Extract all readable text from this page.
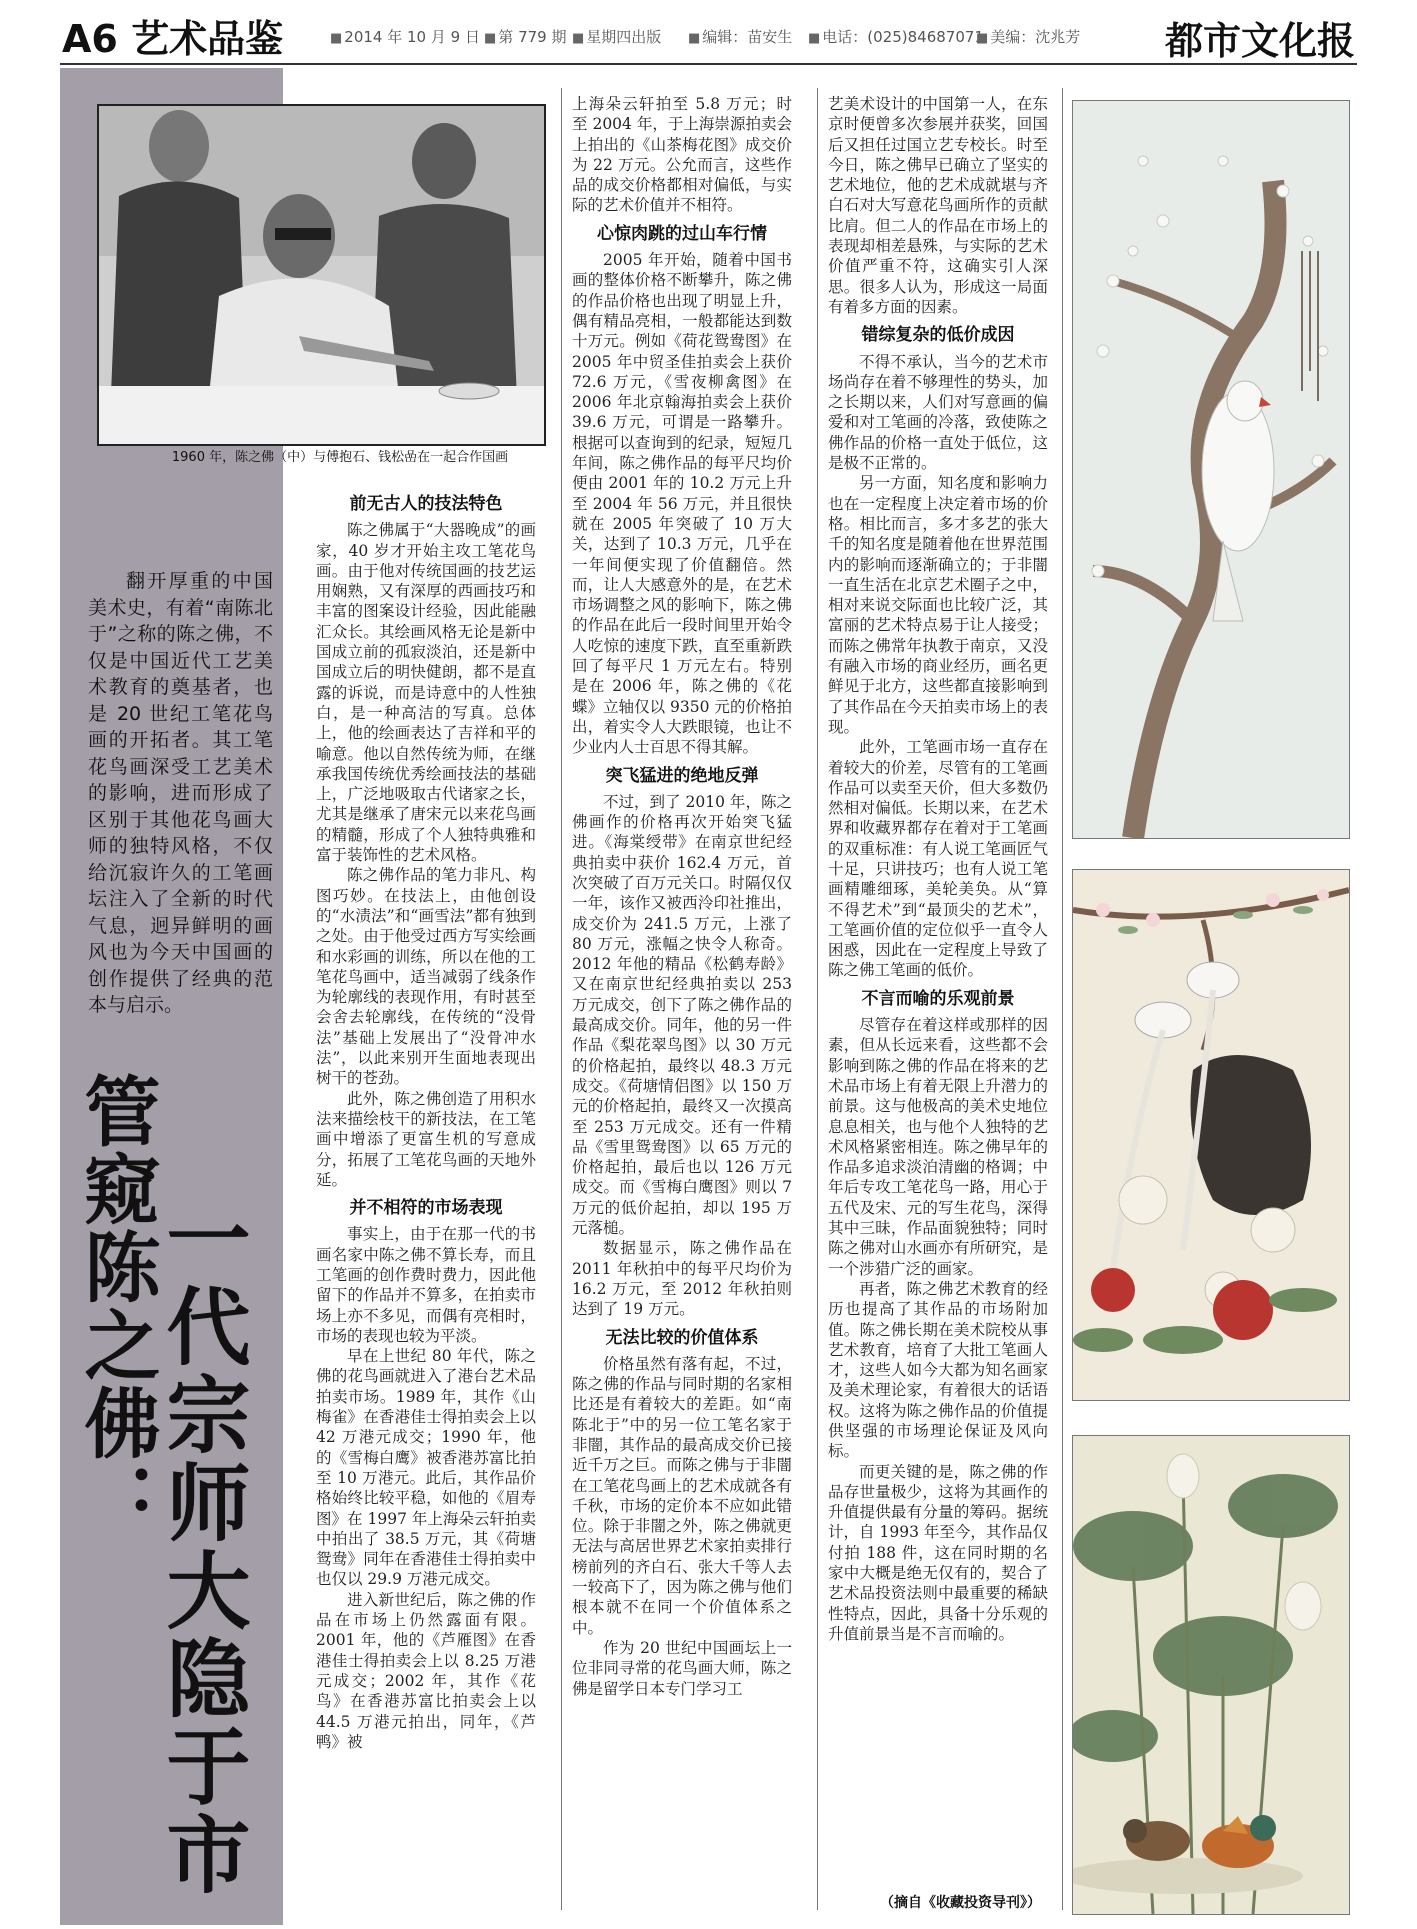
A6 艺术品鉴	■ 2014 年 10 月 9 日	■ 第 779 期	■ 星期四出版	■ 编辑：苗安生	■ 电话：(025)84687071 ■ 美编：沈兆芳 都市文化报
1960 年，陈之佛（中）与傅抱石、钱松嵒在一起合作国画
翻开厚重的中国美术史，有着“南陈北于”之称的陈之佛，不仅是中国近代工艺美术教育的奠基者，也是 20 世纪工笔花鸟画的开拓者。其工笔花鸟画深受工艺美术的影响，进而形成了区别于其他花鸟画大师的独特风格，不仅给沉寂许久的工笔画坛注入了全新的时代气息，迥异鲜明的画风也为今天中国画的创作提供了经典的范本与启示。
管窥陈之佛：
一代宗师大隐于市
前无古人的技法特色

陈之佛属于“大器晚成”的画家，40 岁才开始主攻工笔花鸟画。由于他对传统国画的技艺运用娴熟，又有深厚的西画技巧和丰富的图案设计经验，因此能融汇众长。其绘画风格无论是新中国成立前的孤寂淡泊，还是新中国成立后的明快健朗，都不是直露的诉说，而是诗意中的人性独白，是一种高洁的写真。总体上，他的绘画表达了吉祥和平的喻意。他以自然传统为师，在继承我国传统优秀绘画技法的基础上，广泛地吸取古代诸家之长，尤其是继承了唐宋元以来花鸟画的精髓，形成了个人独特典雅和富于装饰性的艺术风格。

陈之佛作品的笔力非凡、构图巧妙。在技法上，由他创设的“水渍法”和“画雪法”都有独到之处。由于他受过西方写实绘画和水彩画的训练，所以在他的工笔花鸟画中，适当减弱了线条作为轮廓线的表现作用，有时甚至会舍去轮廓线，在传统的“没骨法”基础上发展出了“没骨冲水法”，以此来别开生面地表现出树干的苍劲。

此外，陈之佛创造了用积水法来描绘枝干的新技法，在工笔画中增添了更富生机的写意成分，拓展了工笔花鸟画的天地外延。

并不相符的市场表现

事实上，由于在那一代的书画名家中陈之佛不算长寿，而且工笔画的创作费时费力，因此他留下的作品并不算多，在拍卖市场上亦不多见，而偶有亮相时，市场的表现也较为平淡。

早在上世纪 80 年代，陈之佛的花鸟画就进入了港台艺术品拍卖市场。1989 年，其作《山梅雀》在香港佳士得拍卖会上以 42 万港元成交；1990 年，他的《雪梅白鹰》被香港苏富比拍至 10 万港元。此后，其作品价格始终比较平稳，如他的《眉寿图》在 1997 年上海朵云轩拍卖中拍出了 38.5 万元，其《荷塘鸳鸯》同年在香港佳士得拍卖中也仅以 29.9 万港元成交。

进入新世纪后，陈之佛的作品在市场上仍然露面有限。2001 年，他的《芦雁图》在香港佳士得拍卖会上以 8.25 万港元成交；2002 年，其作《花鸟》在香港苏富比拍卖会上以 44.5 万港元拍出，同年，《芦鸭》被

上海朵云轩拍至 5.8 万元；时至 2004 年，于上海崇源拍卖会上拍出的《山茶梅花图》成交价为 22 万元。公允而言，这些作品的成交价格都相对偏低，与实际的艺术价值并不相符。

心惊肉跳的过山车行情

2005 年开始，随着中国书画的整体价格不断攀升，陈之佛的作品价格也出现了明显上升，偶有精品亮相，一般都能达到数十万元。例如《荷花鸳鸯图》在 2005 年中贸圣佳拍卖会上获价 72.6 万元，《雪夜柳禽图》在 2006 年北京翰海拍卖会上获价 39.6 万元，可谓是一路攀升。根据可以查询到的纪录，短短几年间，陈之佛作品的每平尺均价便由 2001 年的 10.2 万元上升至 2004 年 56 万元，并且很快就在 2005 年突破了 10 万大关，达到了 10.3 万元，几乎在一年间便实现了价值翻倍。然而，让人大感意外的是，在艺术市场调整之风的影响下，陈之佛的作品在此后一段时间里开始令人吃惊的速度下跌，直至重新跌回了每平尺 1 万元左右。特别是在 2006 年，陈之佛的《花蝶》立轴仅以 9350 元的价格拍出，着实令人大跌眼镜，也让不少业内人士百思不得其解。

突飞猛进的绝地反弹

不过，到了 2010 年，陈之佛画作的价格再次开始突飞猛进。《海棠绶带》在南京世纪经典拍卖中获价 162.4 万元，首次突破了百万元关口。时隔仅仅一年，该作又被西泠印社推出，成交价为 241.5 万元，上涨了 80 万元，涨幅之快令人称奇。2012 年他的精品《松鹤寿龄》又在南京世纪经典拍卖以 253 万元成交，创下了陈之佛作品的最高成交价。同年，他的另一件作品《梨花翠鸟图》以 30 万元的价格起拍，最终以 48.3 万元成交。《荷塘情侣图》以 150 万元的价格起拍，最终又一次摸高至 253 万元成交。还有一件精品《雪里鸳鸯图》以 65 万元的价格起拍，最后也以 126 万元成交。而《雪梅白鹰图》则以 7 万元的低价起拍，却以 195 万元落槌。

数据显示，陈之佛作品在 2011 年秋拍中的每平尺均价为 16.2 万元，至 2012 年秋拍则达到了 19 万元。

无法比较的价值体系

价格虽然有落有起，不过，陈之佛的作品与同时期的名家相比还是有着较大的差距。如“南陈北于”中的另一位工笔名家于非闇，其作品的最高成交价已接近千万之巨。而陈之佛与于非闇在工笔花鸟画上的艺术成就各有千秋，市场的定价本不应如此错位。除于非闇之外，陈之佛就更无法与高居世界艺术家拍卖排行榜前列的齐白石、张大千等人去一较高下了，因为陈之佛与他们根本就不在同一个价值体系之中。

作为 20 世纪中国画坛上一位非同寻常的花鸟画大师，陈之佛是留学日本专门学习工

艺美术设计的中国第一人，在东京时便曾多次参展并获奖，回国后又担任过国立艺专校长。时至今日，陈之佛早已确立了坚实的艺术地位，他的艺术成就堪与齐白石对大写意花鸟画所作的贡献比肩。但二人的作品在市场上的表现却相差悬殊，与实际的艺术价值严重不符，这确实引人深思。很多人认为，形成这一局面有着多方面的因素。

错综复杂的低价成因

不得不承认，当今的艺术市场尚存在着不够理性的势头，加之长期以来，人们对写意画的偏爱和对工笔画的冷落，致使陈之佛作品的价格一直处于低位，这是极不正常的。

另一方面，知名度和影响力也在一定程度上决定着市场的价格。相比而言，多才多艺的张大千的知名度是随着他在世界范围内的影响而逐渐确立的；于非闇一直生活在北京艺术圈子之中，相对来说交际面也比较广泛，其富丽的艺术特点易于让人接受；而陈之佛常年执教于南京，又没有融入市场的商业经历，画名更鲜见于北方，这些都直接影响到了其作品在今天拍卖市场上的表现。

此外，工笔画市场一直存在着较大的价差，尽管有的工笔画作品可以卖至天价，但大多数仍然相对偏低。长期以来，在艺术界和收藏界都存在着对于工笔画的双重标准：有人说工笔画匠气十足，只讲技巧；也有人说工笔画精雕细琢，美轮美奂。从“算不得艺术”到“最顶尖的艺术”，工笔画价值的定位似乎一直令人困惑，因此在一定程度上导致了陈之佛工笔画的低价。

不言而喻的乐观前景

尽管存在着这样或那样的因素，但从长远来看，这些都不会影响到陈之佛的作品在将来的艺术品市场上有着无限上升潜力的前景。这与他极高的美术史地位息息相关，也与他个人独特的艺术风格紧密相连。陈之佛早年的作品多追求淡泊清幽的格调；中年后专攻工笔花鸟一路，用心于五代及宋、元的写生花鸟，深得其中三昧，作品面貌独特；同时陈之佛对山水画亦有所研究，是一个涉猎广泛的画家。

再者，陈之佛艺术教育的经历也提高了其作品的市场附加值。陈之佛长期在美术院校从事艺术教育，培育了大批工笔画人才，这些人如今大都为知名画家及美术理论家，有着很大的话语权。这将为陈之佛作品的价值提供坚强的市场理论保证及风向标。

而更关键的是，陈之佛的作品存世量极少，这将为其画作的升值提供最有分量的筹码。据统计，自 1993 年至今，其作品仅付拍 188 件，这在同时期的名家中大概是绝无仅有的，契合了艺术品投资法则中最重要的稀缺性特点，因此，具备十分乐观的升值前景当是不言而喻的。

（摘自《收藏投资导刊》）
